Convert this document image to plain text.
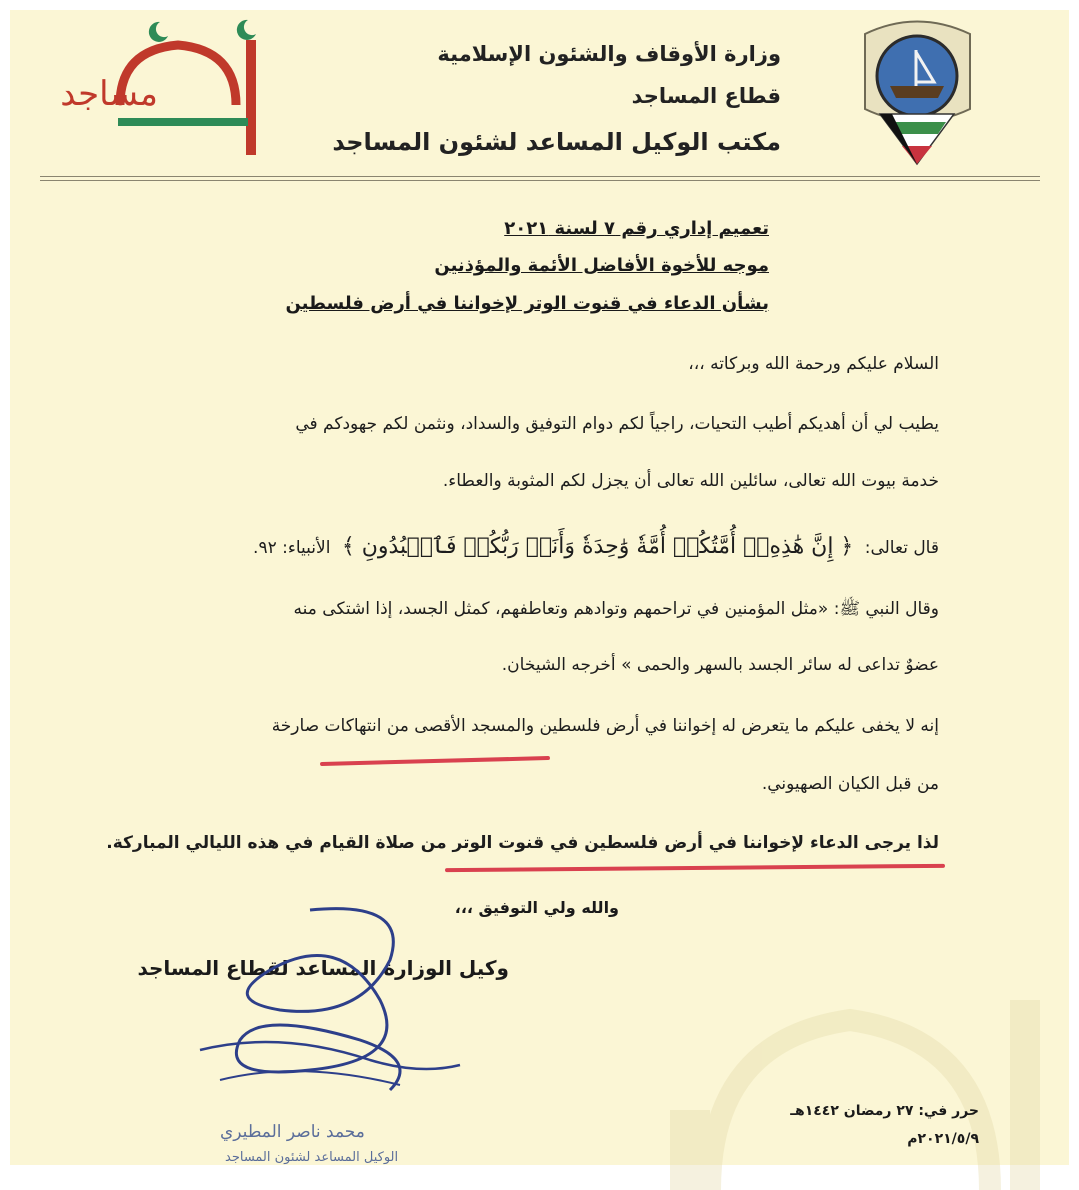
مساجد
وزارة الأوقاف والشئون الإسلامية
قطاع المساجد
مكتب الوكيل المساعد لشئون المساجد
تعميم إداري رقم ٧ لسنة ٢٠٢١
موجه للأخوة الأفاضل الأئمة والمؤذنين
بشأن الدعاء في قنوت الوتر لإخواننا في أرض فلسطين
السلام عليكم ورحمة الله وبركاته ،،،
يطيب لي أن أهديكم أطيب التحيات، راجياً لكم دوام التوفيق والسداد، ونثمن لكم جهودكم في
خدمة بيوت الله تعالى، سائلين الله تعالى أن يجزل لكم المثوبة والعطاء.
قال تعالى: ﴿ إِنَّ هَٰذِهِۦٓ أُمَّتُكُمۡ أُمَّةٗ وَٰحِدَةٗ وَأَنَا۠ رَبُّكُمۡ فَٱعۡبُدُونِ ﴾ الأنبياء: ٩٢.
وقال النبي ﷺ: «مثل المؤمنين في تراحمهم وتوادهم وتعاطفهم، كمثل الجسد، إذا اشتكى منه
عضوٌ تداعى له سائر الجسد بالسهر والحمى » أخرجه الشيخان.
إنه لا يخفى عليكم ما يتعرض له إخواننا في أرض فلسطين والمسجد الأقصى من انتهاكات صارخة
من قبل الكيان الصهيوني.
لذا يرجى الدعاء لإخواننا في أرض فلسطين في قنوت الوتر من صلاة القيام في هذه الليالي المباركة.
والله ولي التوفيق ،،،
وكيل الوزارة المساعد لقطاع المساجد
محمد ناصر المطيري
الوكيل المساعد لشئون المساجد
حرر في: ٢٧ رمضان ١٤٤٢هـ
٢٠٢١/٥/٩م
